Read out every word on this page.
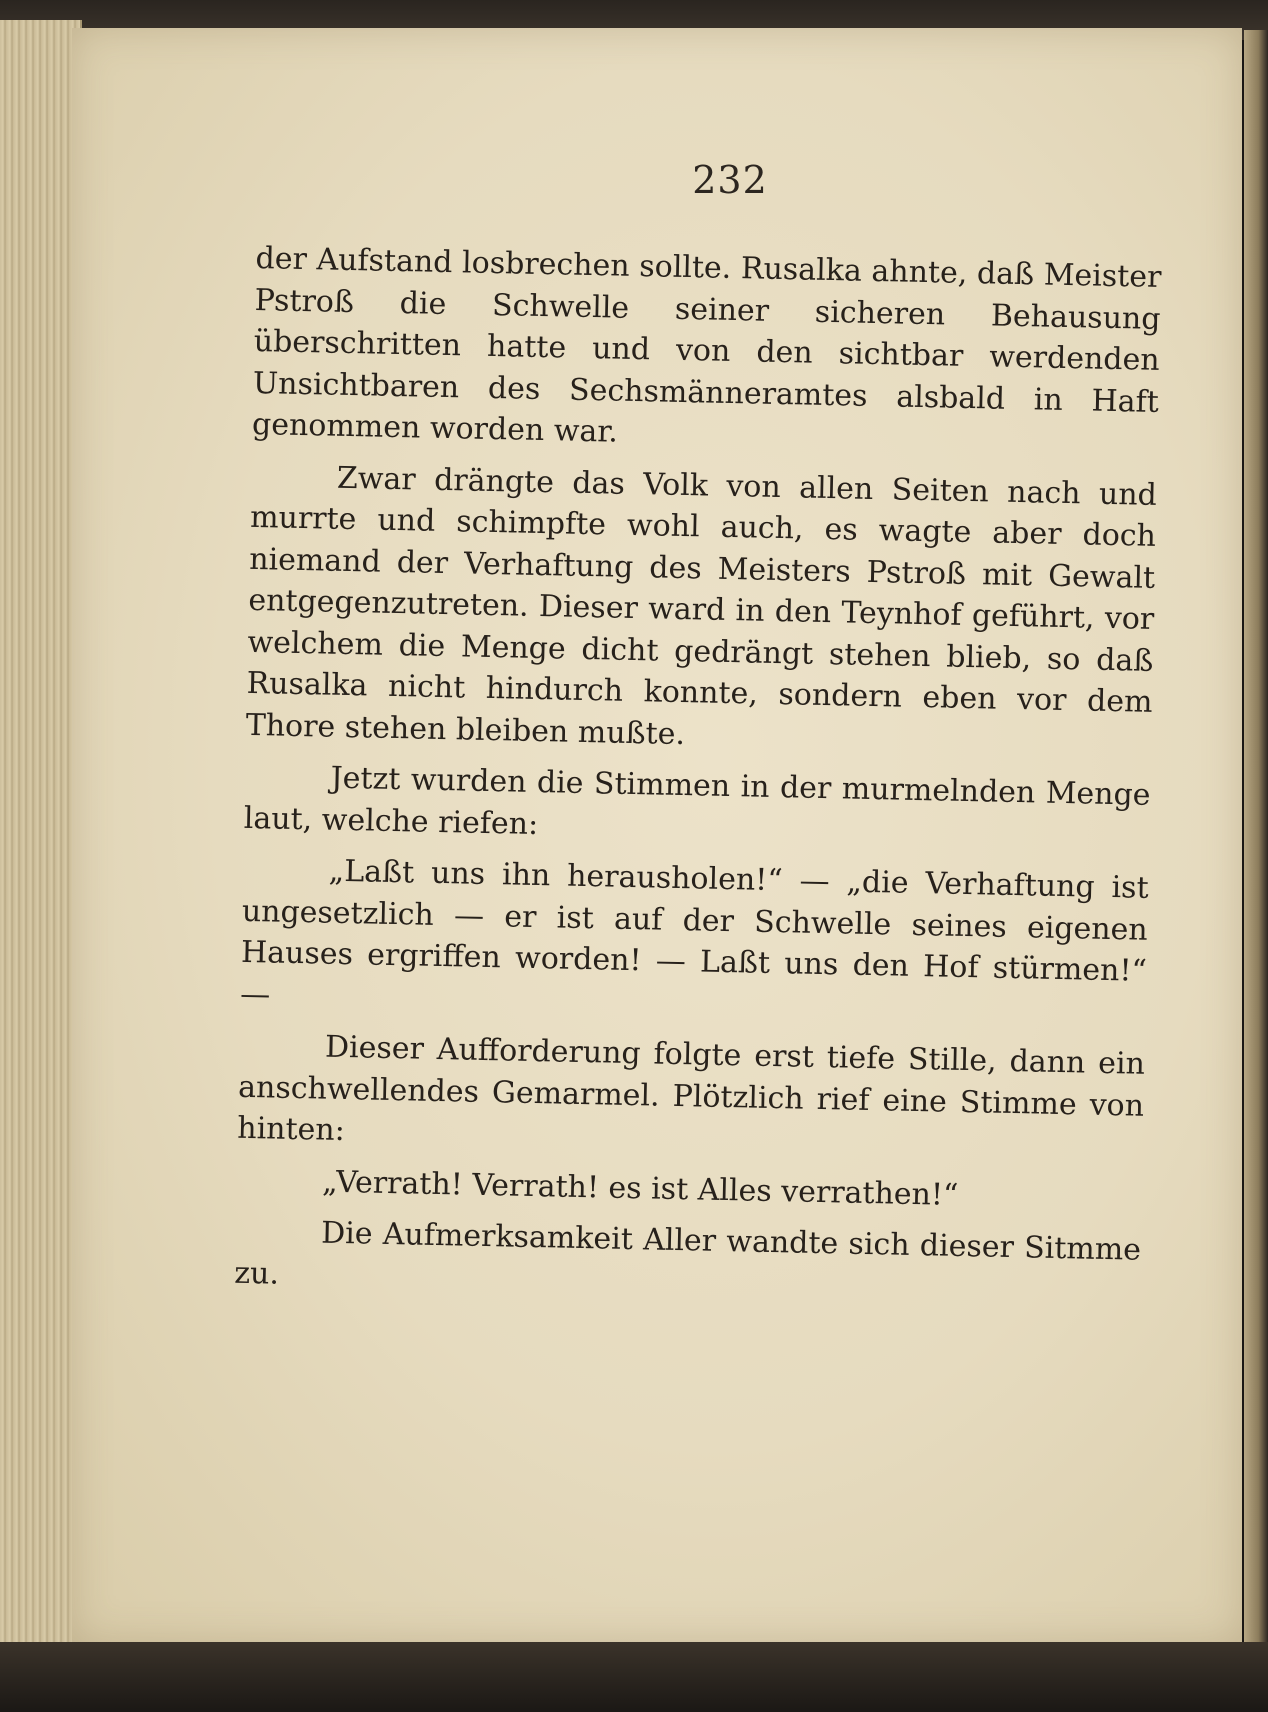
232

der Aufstand losbrechen sollte. Rusalka ahnte, daß Meister Pstroß die Schwelle seiner sicheren Behausung überschritten hatte und von den sichtbar werdenden Unsichtbaren des Sechsmänneramtes alsbald in Haft genommen worden war.

Zwar drängte das Volk von allen Seiten nach und murrte und schimpfte wohl auch, es wagte aber doch niemand der Verhaftung des Meisters Pstroß mit Gewalt entgegenzutreten. Dieser ward in den Teynhof geführt, vor welchem die Menge dicht gedrängt stehen blieb, so daß Rusalka nicht hindurch konnte, sondern eben vor dem Thore stehen bleiben mußte.

Jetzt wurden die Stimmen in der murmelnden Menge laut, welche riefen:

„Laßt uns ihn herausholen!“ — „die Verhaftung ist ungesetzlich — er ist auf der Schwelle seines eigenen Hauses ergriffen worden! — Laßt uns den Hof stürmen!“ —

Dieser Aufforderung folgte erst tiefe Stille, dann ein anschwellendes Gemarmel. Plötzlich rief eine Stimme von hinten:

„Verrath! Verrath! es ist Alles verrathen!“

Die Aufmerksamkeit Aller wandte sich dieser Sitmme zu.
